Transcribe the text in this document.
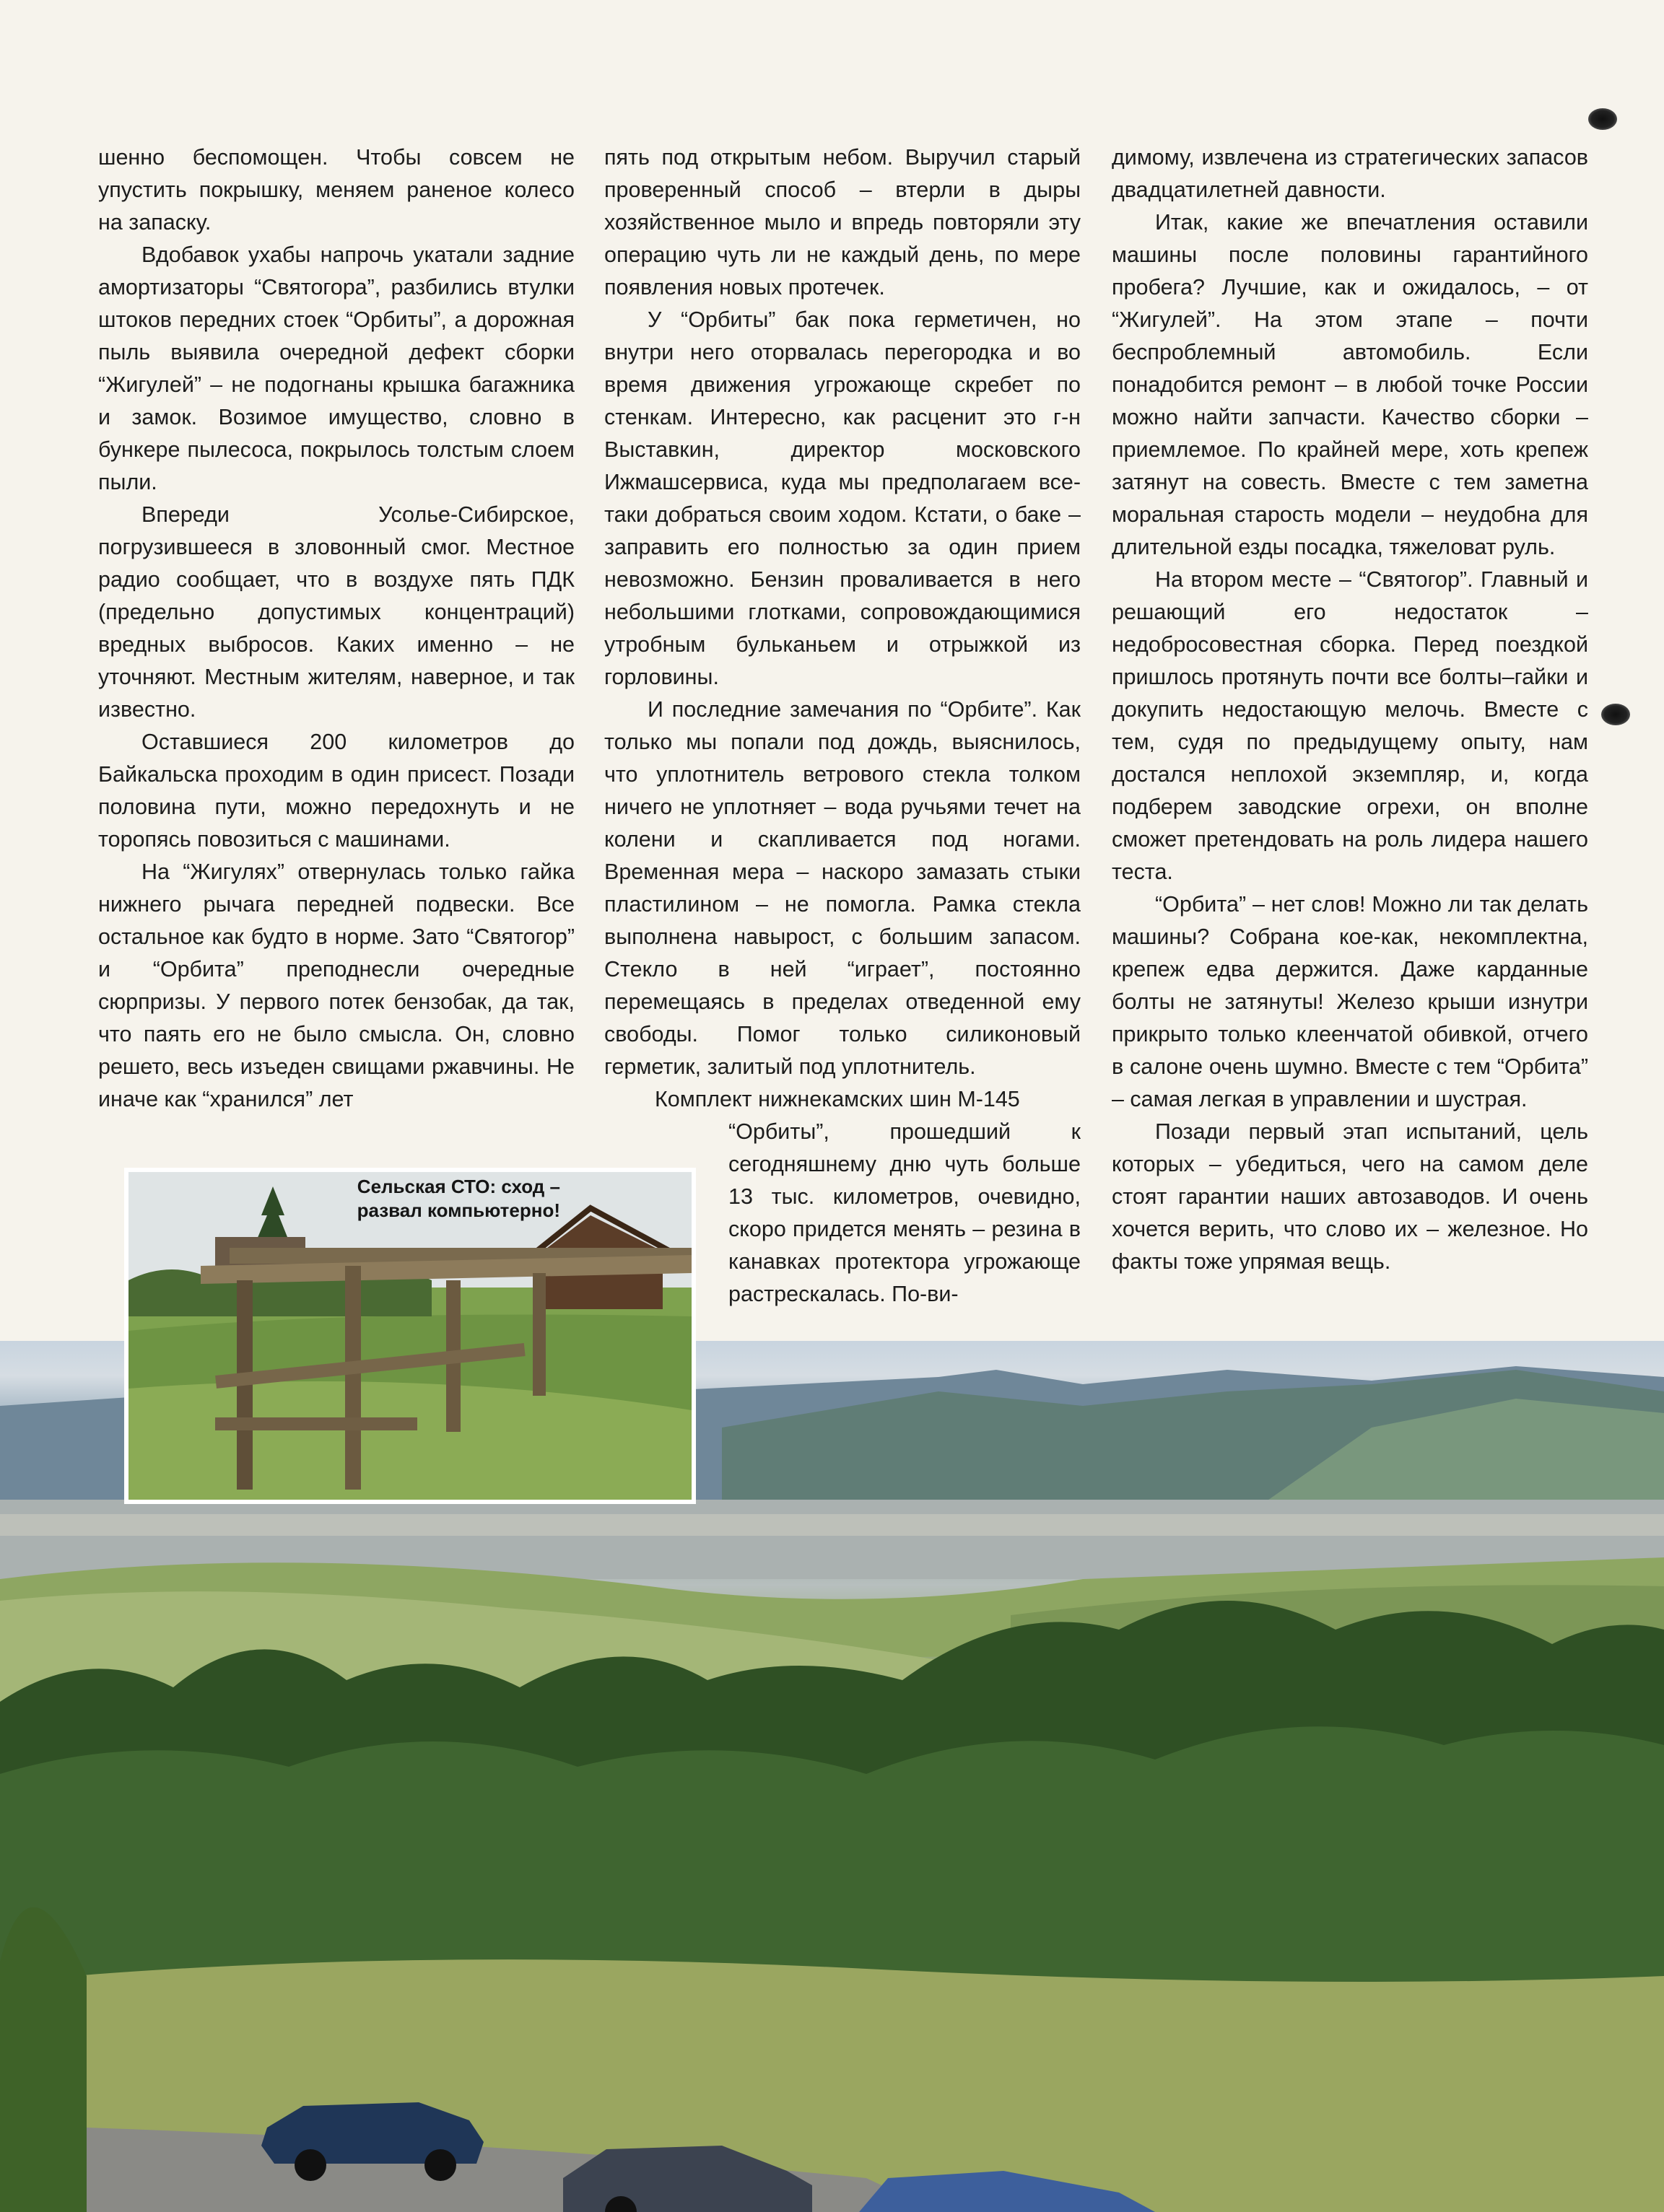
шенно беспомощен. Чтобы совсем не упустить покрышку, меняем раненое колесо на запаску.

Вдобавок ухабы напрочь укатали задние амортизаторы “Святогора”, разбились втулки штоков передних стоек “Орбиты”, а дорожная пыль выявила очередной дефект сборки “Жигулей” – не подогнаны крышка багажника и замок. Возимое имущество, словно в бункере пылесоса, покрылось толстым слоем пыли.

Впереди Усолье-Сибирское, погрузившееся в зловонный смог. Местное радио сообщает, что в воздухе пять ПДК (предельно допустимых концентраций) вредных выбросов. Каких именно – не уточняют. Местным жителям, наверное, и так известно.

Оставшиеся 200 километров до Байкальска проходим в один присест. Позади половина пути, можно передохнуть и не торопясь повозиться с машинами.

На “Жигулях” отвернулась только гайка нижнего рычага передней подвески. Все остальное как будто в норме. Зато “Святогор” и “Орбита” преподнесли очередные сюрпризы. У первого потек бензобак, да так, что паять его не было смысла. Он, словно решето, весь изъеден свищами ржавчины. Не иначе как “хранился” лет

пять под открытым небом. Выручил старый проверенный способ – втерли в дыры хозяйственное мыло и впредь повторяли эту операцию чуть ли не каждый день, по мере появления новых протечек.

У “Орбиты” бак пока герметичен, но внутри него оторвалась перегородка и во время движения угрожающе скребет по стенкам. Интересно, как расценит это г-н Выставкин, директор московского Ижмашсервиса, куда мы предполагаем все-таки добраться своим ходом. Кстати, о баке – заправить его полностью за один прием невозможно. Бензин проваливается в него небольшими глотками, сопровождающимися утробным бульканьем и отрыжкой из горловины.

И последние замечания по “Орбите”. Как только мы попали под дождь, выяснилось, что уплотнитель ветрового стекла толком ничего не уплотняет – вода ручьями течет на колени и скапливается под ногами. Временная мера – наскоро замазать стыки пластилином – не помогла. Рамка стекла выполнена навырост, с большим запасом. Стекло в ней “играет”, постоянно перемещаясь в пределах отведенной ему свободы. Помог только силиконовый герметик, залитый под уплотнитель.

Комплект нижнекамских шин М-145

“Орбиты”, прошедший к сегодняшнему дню чуть больше 13 тыс. километров, очевидно, скоро придется менять – резина в канавках протектора угрожающе растрескалась. По-ви-

димому, извлечена из стратегических запасов двадцатилетней давности.

Итак, какие же впечатления оставили машины после половины гарантийного пробега? Лучшие, как и ожидалось, – от “Жигулей”. На этом этапе – почти беспроблемный автомобиль. Если понадобится ремонт – в любой точке России можно найти запчасти. Качество сборки – приемлемое. По крайней мере, хоть крепеж затянут на совесть. Вместе с тем заметна моральная старость модели – неудобна для длительной езды посадка, тяжеловат руль.

На втором месте – “Святогор”. Главный и решающий его недостаток – недобросовестная сборка. Перед поездкой пришлось протянуть почти все болты–гайки и докупить недостающую мелочь. Вместе с тем, судя по предыдущему опыту, нам достался неплохой экземпляр, и, когда подберем заводские огрехи, он вполне сможет претендовать на роль лидера нашего теста.

“Орбита” – нет слов! Можно ли так делать машины? Собрана кое-как, некомплектна, крепеж едва держится. Даже карданные болты не затянуты! Железо крыши изнутри прикрыто только клеенчатой обивкой, отчего в салоне очень шумно. Вместе с тем “Орбита” – самая легкая в управлении и шустрая.

Позади первый этап испытаний, цель которых – убедиться, чего на самом деле стоят гарантии наших автозаводов. И очень хочется верить, что слово их – железное. Но факты тоже упрямая вещь.

Сельская СТО: сход – развал компьютерно!
